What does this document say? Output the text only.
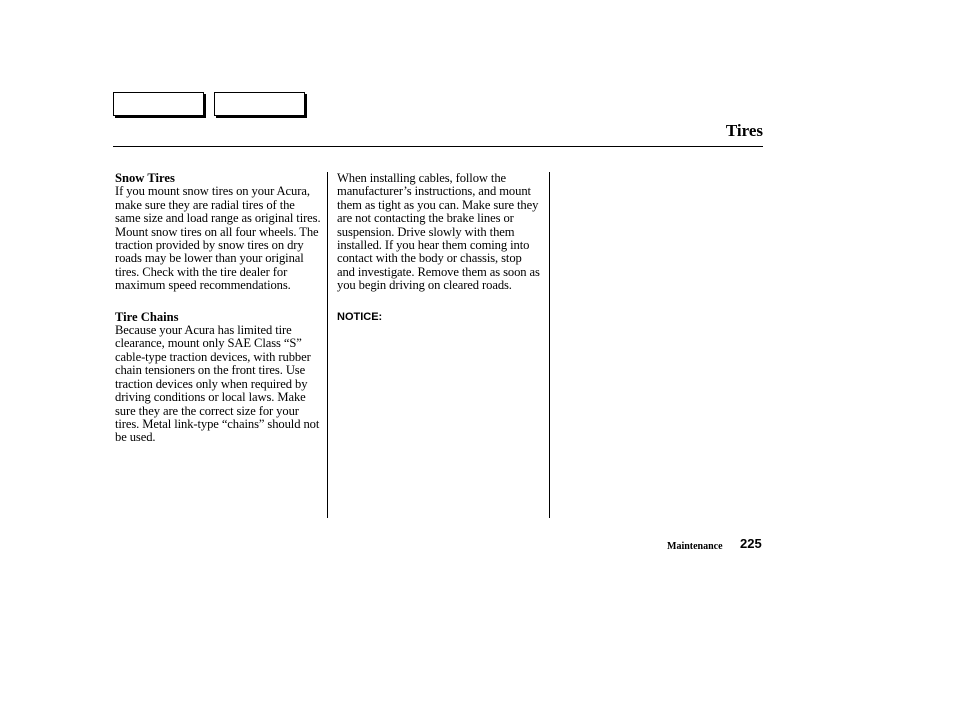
Tires
Snow Tires

If you mount snow tires on your Acura, make sure they are radial tires of the same size and load range as original tires. Mount snow tires on all four wheels. The traction provided by snow tires on dry roads may be lower than your original tires. Check with the tire dealer for maximum speed recommendations.

Tire Chains

Because your Acura has limited tire clearance, mount only SAE Class “S” cable-type traction devices, with rubber chain tensioners on the front tires. Use traction devices only when required by driving conditions or local laws. Make sure they are the correct size for your tires. Metal link-type “chains” should not be used.

When installing cables, follow the manufacturer’s instructions, and mount them as tight as you can. Make sure they are not contacting the brake lines or suspension. Drive slowly with them installed. If you hear them coming into contact with the body or chassis, stop and investigate. Remove them as soon as you begin driving on cleared roads.

NOTICE:
Maintenance 225
